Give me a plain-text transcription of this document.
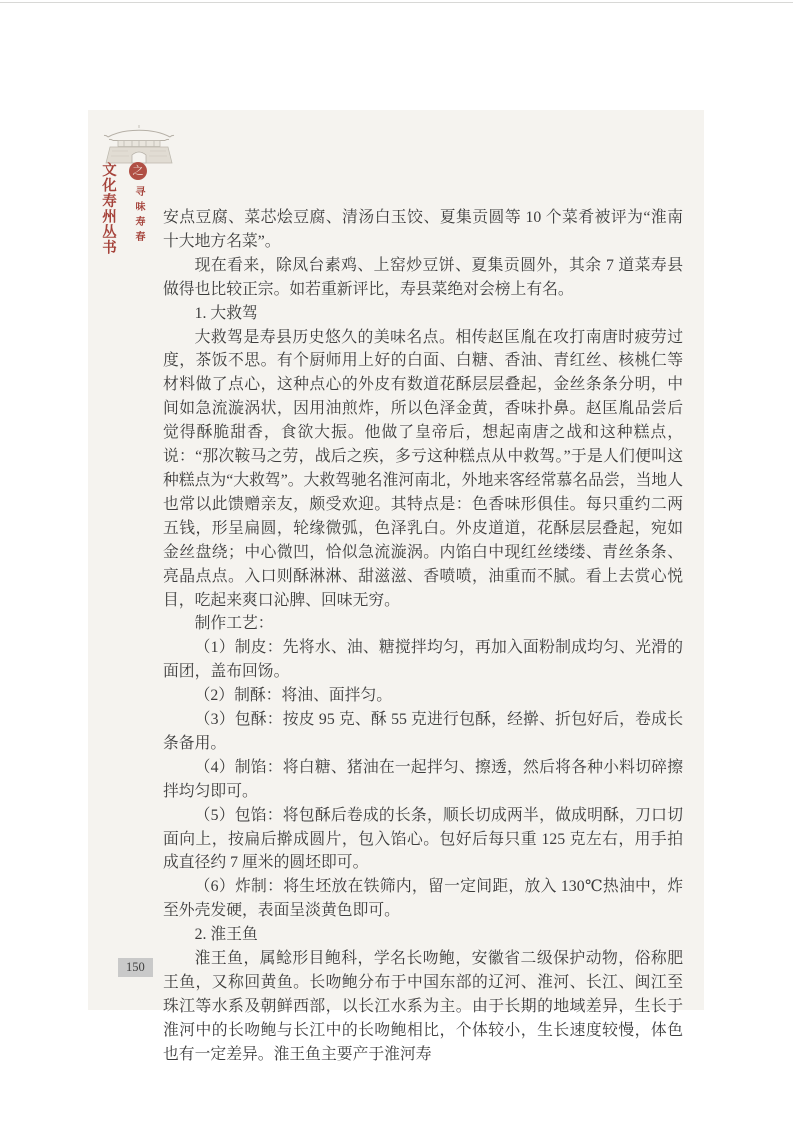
文化寿州丛书	之
寻味寿春 安点豆腐、菜芯烩豆腐、清汤白玉饺、夏集贡圆等 10 个菜肴被评为“淮南十大地方名菜”。

现在看来，除凤台素鸡、上窑炒豆饼、夏集贡圆外，其余 7 道菜寿县做得也比较正宗。如若重新评比，寿县菜绝对会榜上有名。

1. 大救驾

大救驾是寿县历史悠久的美味名点。相传赵匡胤在攻打南唐时疲劳过度，茶饭不思。有个厨师用上好的白面、白糖、香油、青红丝、核桃仁等材料做了点心，这种点心的外皮有数道花酥层层叠起，金丝条条分明，中间如急流漩涡状，因用油煎炸，所以色泽金黄，香味扑鼻。赵匡胤品尝后觉得酥脆甜香，食欲大振。他做了皇帝后，想起南唐之战和这种糕点，说：“那次鞍马之劳，战后之疾，多亏这种糕点从中救驾。”于是人们便叫这种糕点为“大救驾”。大救驾驰名淮河南北，外地来客经常慕名品尝，当地人也常以此馈赠亲友，颇受欢迎。其特点是：色香味形俱佳。每只重约二两五钱，形呈扁圆，轮缘微弧，色泽乳白。外皮道道，花酥层层叠起，宛如金丝盘绕；中心微凹，恰似急流漩涡。内馅白中现红丝缕缕、青丝条条、亮晶点点。入口则酥淋淋、甜滋滋、香喷喷，油重而不腻。看上去赏心悦目，吃起来爽口沁脾、回味无穷。

制作工艺：

（1）制皮：先将水、油、糖搅拌均匀，再加入面粉制成均匀、光滑的面团，盖布回饧。

（2）制酥：将油、面拌匀。

（3）包酥：按皮 95 克、酥 55 克进行包酥，经擀、折包好后，卷成长条备用。

（4）制馅：将白糖、猪油在一起拌匀、擦透，然后将各种小料切碎擦拌均匀即可。

（5）包馅：将包酥后卷成的长条，顺长切成两半，做成明酥，刀口切面向上，按扁后擀成圆片，包入馅心。包好后每只重 125 克左右，用手拍成直径约 7 厘米的圆坯即可。

（6）炸制：将生坯放在铁筛内，留一定间距，放入 130℃热油中，炸至外壳发硬，表面呈淡黄色即可。

2. 淮王鱼

淮王鱼，属鲶形目鲍科，学名长吻鲍，安徽省二级保护动物，俗称肥王鱼，又称回黄鱼。长吻鲍分布于中国东部的辽河、淮河、长江、闽江至珠江等水系及朝鲜西部，以长江水系为主。由于长期的地域差异，生长于淮河中的长吻鲍与长江中的长吻鲍相比，个体较小，生长速度较慢，体色也有一定差异。淮王鱼主要产于淮河寿

150
